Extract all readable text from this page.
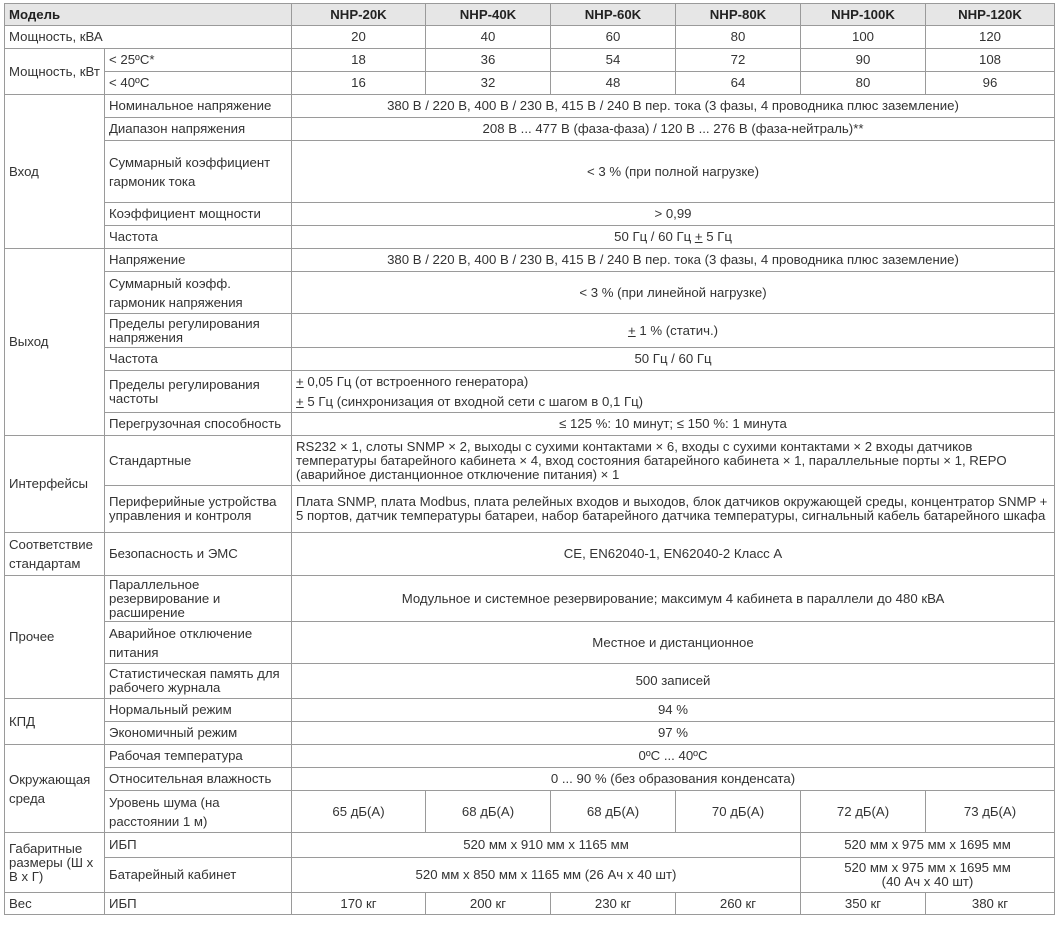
Модель		NHP-20K	NHP-40K	NHP-60K	NHP-80K	NHP-100K	NHP-120K
Мощность, кВА		20	40	60	80	100	120
Мощность, кВт	< 25ºC*	18	36	54	72	90	108
	< 40ºC	16	32	48	64	80	96
Вход	Номинальное напряжение	380 В / 220 В, 400 В / 230 В, 415 В / 240 В пер. тока (3 фазы, 4 проводника плюс заземление)					
	Диапазон напряжения	208 В ... 477 В (фаза-фаза) / 120 В ... 276 В (фаза-нейтраль)**					
	Суммарный коэффициент гармоник тока	< 3 % (при полной нагрузке)					
	Коэффициент мощности	> 0,99					
	Частота	50 Гц / 60 Гц + 5 Гц					
Выход	Напряжение	380 В / 220 В, 400 В / 230 В, 415 В / 240 В пер. тока (3 фазы, 4 проводника плюс заземление)					
	Суммарный коэфф. гармоник напряжения	< 3 % (при линейной нагрузке)					
	Пределы регулирования напряжения	+ 1 % (статич.)					
	Частота	50 Гц / 60 Гц					
	Пределы регулирования частоты	+ 0,05 Гц (от встроенного генератора)
+ 5 Гц (синхронизация от входной сети с шагом в 0,1 Гц)					

	Перегрузочная способность	≤ 125 %: 10 минут; ≤ 150 %: 1 минута					
Интерфейсы	Стандартные	RS232 × 1, слоты SNMP × 2, выходы с сухими контактами × 6, входы с сухими контактами × 2 входы датчиков температуры батарейного кабинета × 4, вход состояния батарейного кабинета × 1, параллельные порты × 1, REPO (аварийное дистанционное отключение питания) × 1					
	Периферийные устройства управления и контроля	Плата SNMP, плата Modbus, плата релейных входов и выходов, блок датчиков окружающей среды, концентратор SNMP + 5 портов, датчик температуры батареи, набор батарейного датчика температуры, сигнальный кабель батарейного шкафа					
Соответствие стандартам	Безопасность и ЭМС	CE, EN62040-1, EN62040-2 Класс A					
Прочее	Параллельное резервирование и расширение	Модульное и системное резервирование; максимум 4 кабинета в параллели до 480 кВА					
	Аварийное отключение питания	Местное и дистанционное					
	Статистическая память для рабочего журнала	500 записей					
КПД	Нормальный режим	94 %					
	Экономичный режим	97 %					
Окружающая среда	Рабочая температура	0ºC ... 40ºC					
	Относительная влажность	0 ... 90 % (без образования конденсата)					
	Уровень шума (на расстоянии 1 м)	65 дБ(А)	68 дБ(А)	68 дБ(А)	70 дБ(А)	72 дБ(А)	73 дБ(А)
Габаритные размеры (Ш х В х Г)	ИБП	520 мм x 910 мм x 1165 мм				520 мм x 975 мм x 1695 мм	
	Батарейный кабинет	520 мм x 850 мм x 1165 мм (26 Ач x 40 шт)				520 мм x 975 мм x 1695 мм
(40 Ач x 40 шт)	

Вес	ИБП	170 кг	200 кг	230 кг	260 кг	350 кг	380 кг
